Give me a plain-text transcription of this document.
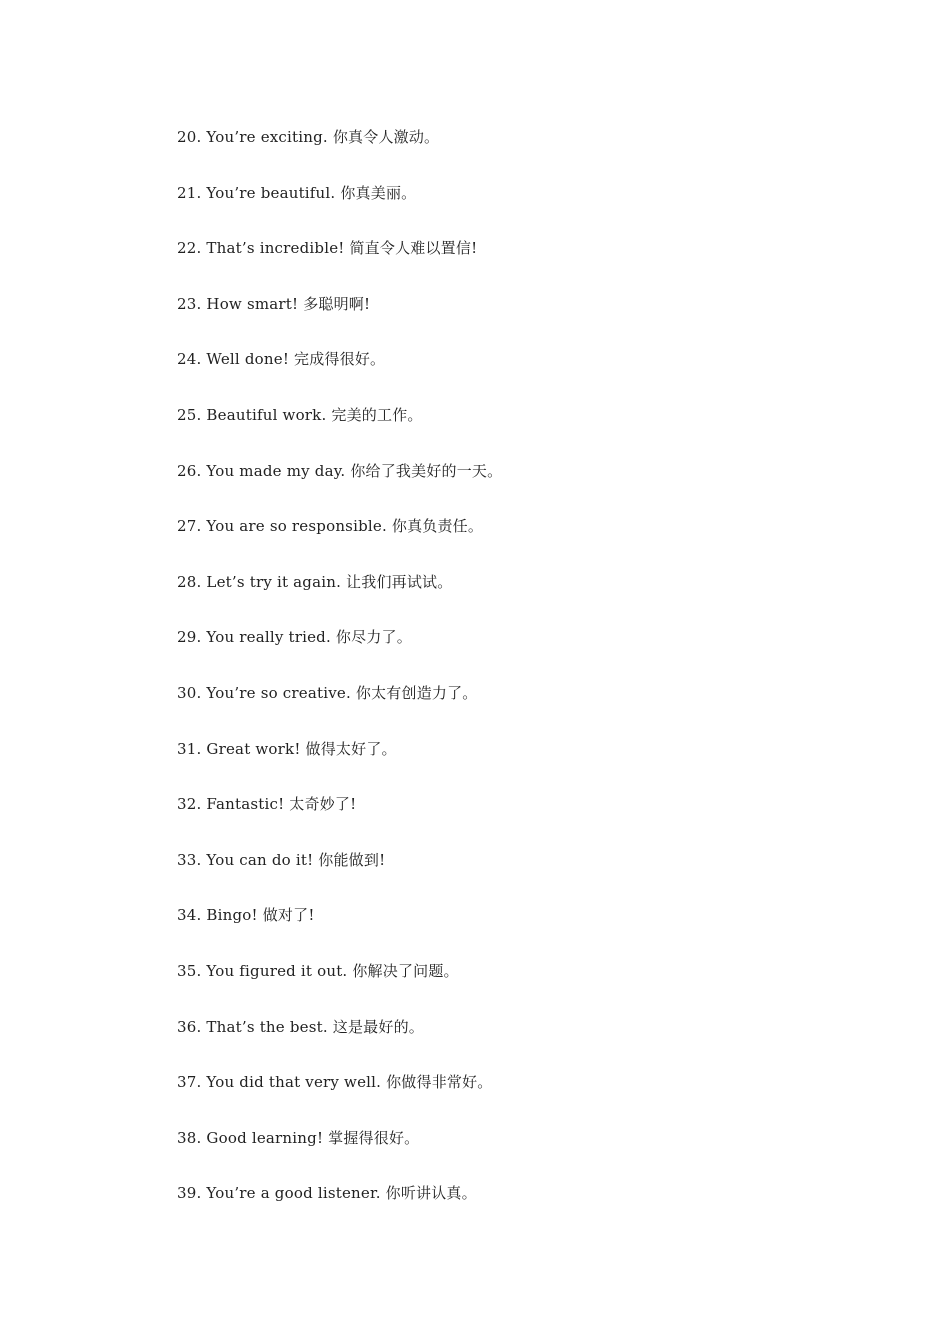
20. You’re exciting. 你真令人激动。
21. You’re beautiful. 你真美丽。
22. That’s incredible! 简直令人难以置信!
23. How smart! 多聪明啊!
24. Well done! 完成得很好。
25. Beautiful work. 完美的工作。
26. You made my day. 你给了我美好的一天。
27. You are so responsible. 你真负责任。
28. Let’s try it again. 让我们再试试。
29. You really tried. 你尽力了。
30. You’re so creative. 你太有创造力了。
31. Great work! 做得太好了。
32. Fantastic! 太奇妙了!
33. You can do it! 你能做到!
34. Bingo! 做对了!
35. You figured it out. 你解决了问题。
36. That’s the best. 这是最好的。
37. You did that very well. 你做得非常好。
38. Good learning! 掌握得很好。
39. You’re a good listener. 你听讲认真。
